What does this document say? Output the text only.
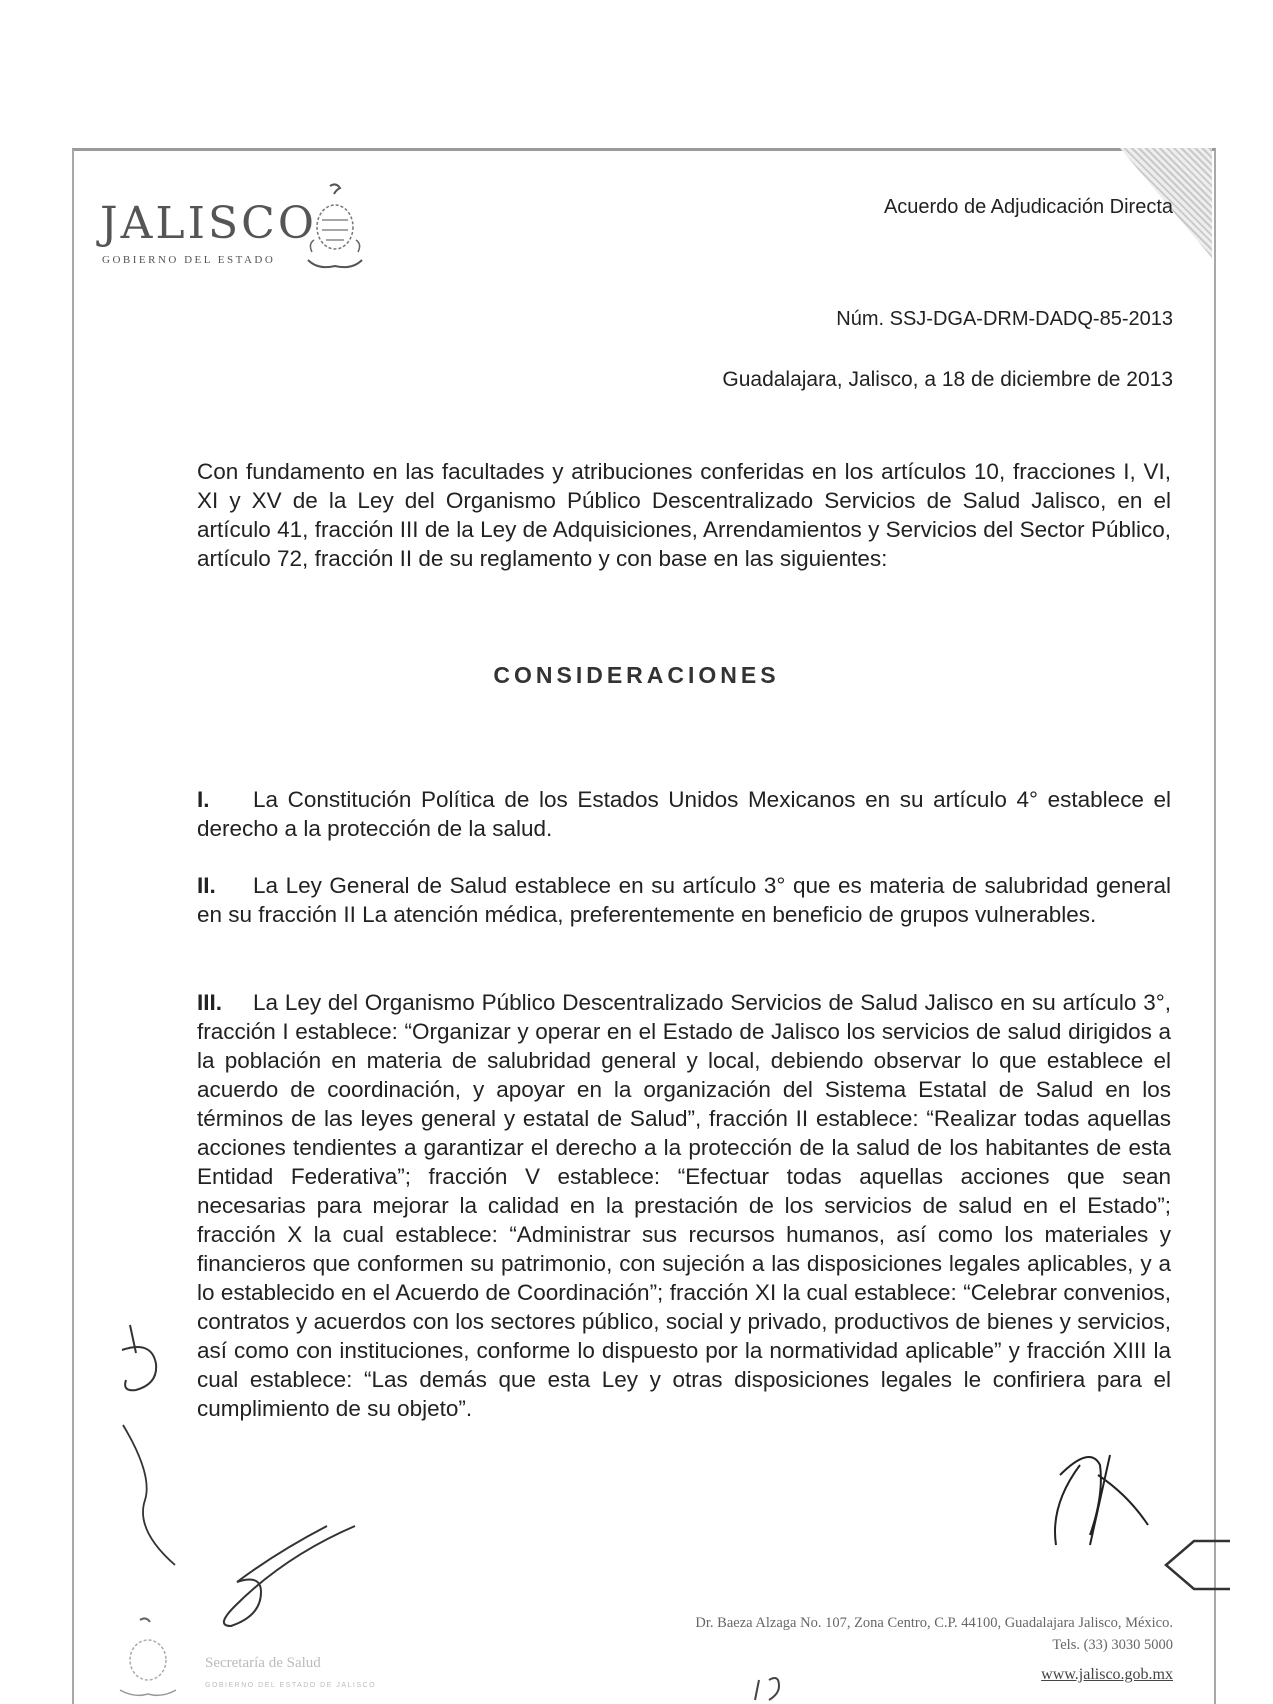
JALISCO
GOBIERNO DEL ESTADO
Acuerdo de Adjudicación Directa
Núm. SSJ-DGA-DRM-DADQ-85-2013
Guadalajara, Jalisco, a 18 de diciembre de 2013
Con fundamento en las facultades y atribuciones conferidas en los artículos 10, fracciones I, VI, XI y XV de la Ley del Organismo Público Descentralizado Servicios de Salud Jalisco, en el artículo 41, fracción III de la Ley de Adquisiciones, Arrendamientos y Servicios del Sector Público, artículo 72, fracción II de su reglamento y con base en las siguientes:
CONSIDERACIONES
I. La Constitución Política de los Estados Unidos Mexicanos en su artículo 4° establece el derecho a la protección de la salud.
II. La Ley General de Salud establece en su artículo 3° que es materia de salubridad general en su fracción II La atención médica, preferentemente en beneficio de grupos vulnerables.
III. La Ley del Organismo Público Descentralizado Servicios de Salud Jalisco en su artículo 3°, fracción I establece: “Organizar y operar en el Estado de Jalisco los servicios de salud dirigidos a la población en materia de salubridad general y local, debiendo observar lo que establece el acuerdo de coordinación, y apoyar en la organización del Sistema Estatal de Salud en los términos de las leyes general y estatal de Salud”, fracción II establece: “Realizar todas aquellas acciones tendientes a garantizar el derecho a la protección de la salud de los habitantes de esta Entidad Federativa”; fracción V establece: “Efectuar todas aquellas acciones que sean necesarias para mejorar la calidad en la prestación de los servicios de salud en el Estado”; fracción X la cual establece: “Administrar sus recursos humanos, así como los materiales y financieros que conformen su patrimonio, con sujeción a las disposiciones legales aplicables, y a lo establecido en el Acuerdo de Coordinación”; fracción XI la cual establece: “Celebrar convenios, contratos y acuerdos con los sectores público, social y privado, productivos de bienes y servicios, así como con instituciones, conforme lo dispuesto por la normatividad aplicable” y fracción XIII la cual establece: “Las demás que esta Ley y otras disposiciones legales le confiriera para el cumplimiento de su objeto”.
Secretaría de Salud
GOBIERNO DEL ESTADO DE JALISCO
Dr. Baeza Alzaga No. 107, Zona Centro, C.P. 44100, Guadalajara Jalisco, México.
Tels. (33) 3030 5000
www.jalisco.gob.mx
